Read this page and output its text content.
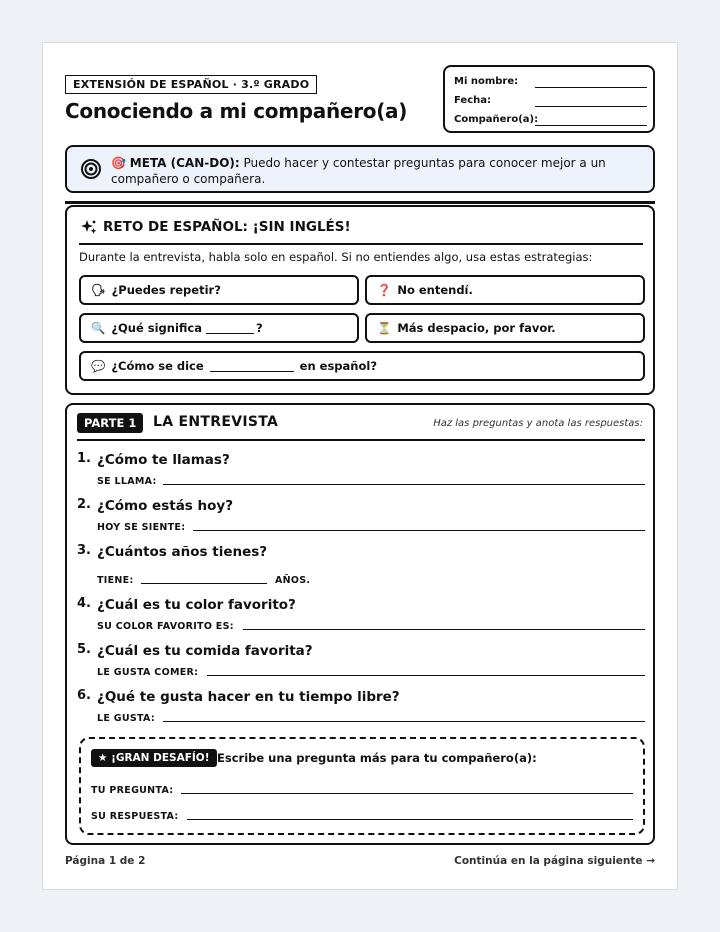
EXTENSIÓN DE ESPAÑOL · 3.º GRADO
Conociendo a mi compañero(a)
Mi nombre:
Fecha:
Compañero(a):
🎯 META (CAN-DO): Puedo hacer y contestar preguntas para conocer mejor a un compañero o compañera.
RETO DE ESPAÑOL: ¡SIN INGLÉS!
Durante la entrevista, habla solo en español. Si no entiendes algo, usa estas estrategias:
🗣 ¿Puedes repetir?	❓ No entendí.
🔍 ¿Qué significa	?	⏳ Más despacio, por favor.
💬 ¿Cómo se dice	en español?
PARTE 1	LA ENTREVISTA	Haz las preguntas y anota las respuestas:
1. ¿Cómo te llamas?
SE LLAMA:
2. ¿Cómo estás hoy?
HOY SE SIENTE:
3. ¿Cuántos años tienes?
TIENE:	AÑOS.
4. ¿Cuál es tu color favorito?
SU COLOR FAVORITO ES:
5. ¿Cuál es tu comida favorita?
LE GUSTA COMER:
6. ¿Qué te gusta hacer en tu tiempo libre?
LE GUSTA:
★ ¡GRAN DESAFÍO! Escribe una pregunta más para tu compañero(a):
TU PREGUNTA:
SU RESPUESTA:
Página 1 de 2	Continúa en la página siguiente →
